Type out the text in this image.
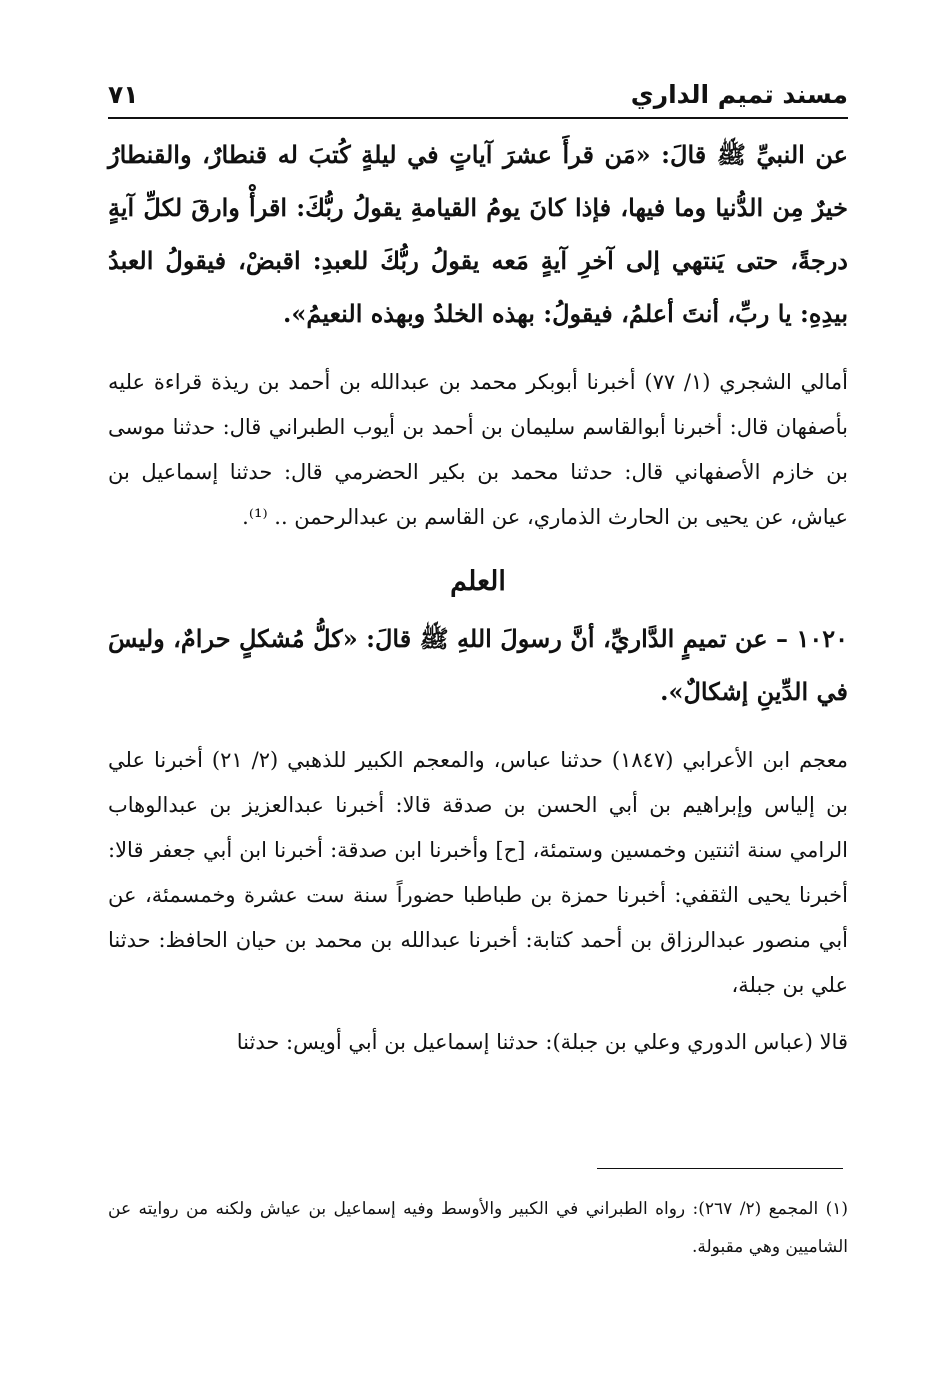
مسند تميم الداري
٧١

عن النبيِّ ﷺ قالَ: «مَن قرأَ عشرَ آياتٍ في ليلةٍ كُتبَ له قنطارٌ، والقنطارُ خيرٌ مِن الدُّنيا وما فيها، فإذا كانَ يومُ القيامةِ يقولُ ربُّكَ: اقرأْ وارقَ لكلِّ آيةٍ درجةً، حتى يَنتهي إلى آخرِ آيةٍ مَعه يقولُ ربُّكَ للعبدِ: اقبضْ، فيقولُ العبدُ بيدِهِ: يا ربِّ، أنتَ أعلمُ، فيقولُ: بهذه الخلدُ وبهذه النعيمُ».

أمالي الشجري (١/ ٧٧) أخبرنا أبوبكر محمد بن عبدالله بن أحمد بن ريذة قراءة عليه بأصفهان قال: أخبرنا أبوالقاسم سليمان بن أحمد بن أيوب الطبراني قال: حدثنا موسى بن خازم الأصفهاني قال: حدثنا محمد بن بكير الحضرمي قال: حدثنا إسماعيل بن عياش، عن يحيى بن الحارث الذماري، عن القاسم بن عبدالرحمن .. ⁽¹⁾.

العلم

١٠٢٠ – عن تميمٍ الدَّاريِّ، أنَّ رسولَ اللهِ ﷺ قالَ: «كلُّ مُشكلٍ حرامٌ، وليسَ في الدِّينِ إشكالٌ».

معجم ابن الأعرابي (١٨٤٧) حدثنا عباس، والمعجم الكبير للذهبي (٢/ ٢١) أخبرنا علي بن إلياس وإبراهيم بن أبي الحسن بن صدقة قالا: أخبرنا عبدالعزيز بن عبدالوهاب الرامي سنة اثنتين وخمسين وستمئة، [ح] وأخبرنا ابن صدقة: أخبرنا ابن أبي جعفر قالا: أخبرنا يحيى الثقفي: أخبرنا حمزة بن طباطبا حضوراً سنة ست عشرة وخمسمئة، عن أبي منصور عبدالرزاق بن أحمد كتابة: أخبرنا عبدالله بن محمد بن حيان الحافظ: حدثنا علي بن جبلة،

قالا (عباس الدوري وعلي بن جبلة): حدثنا إسماعيل بن أبي أويس: حدثنا

(١) المجمع (٢/ ٢٦٧): رواه الطبراني في الكبير والأوسط وفيه إسماعيل بن عياش ولكنه من روايته عن الشاميين وهي مقبولة.
